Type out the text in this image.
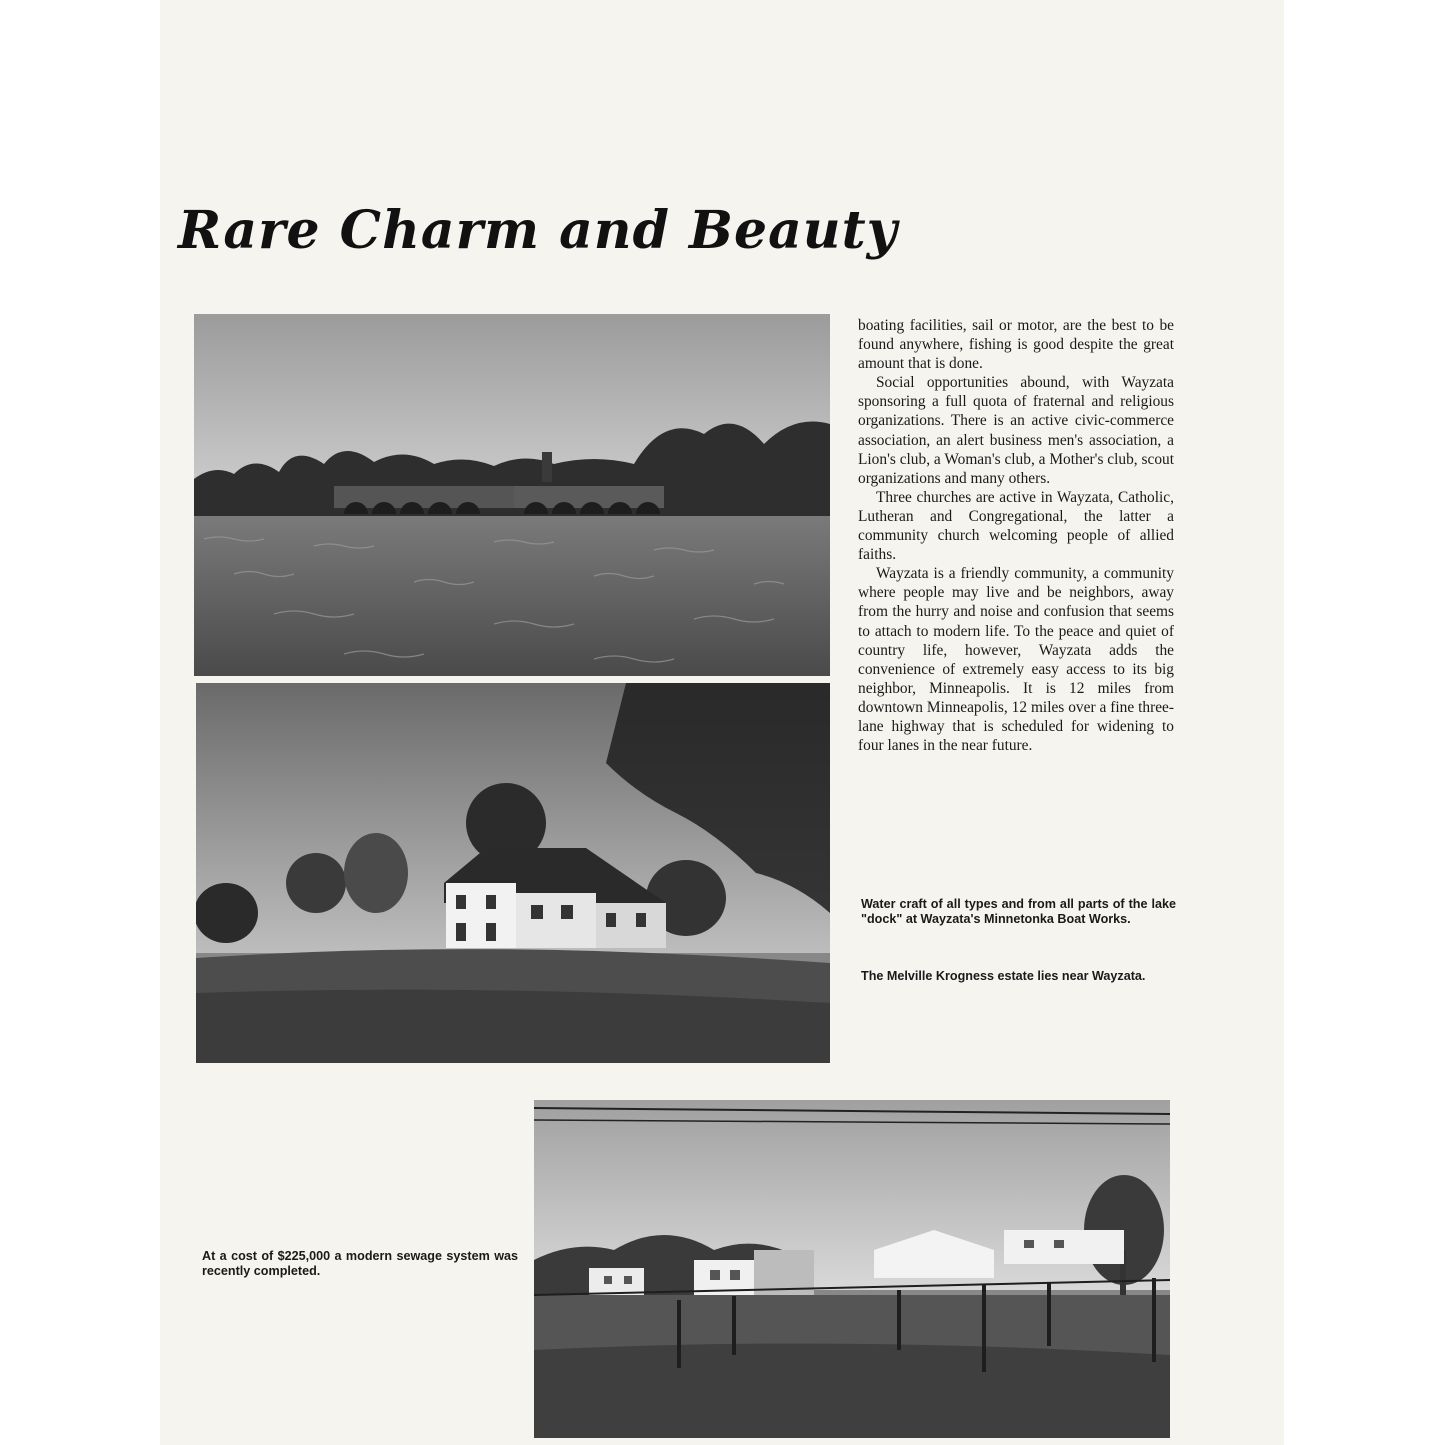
Rare Charm and Beauty

boating facilities, sail or motor, are the best to be found anywhere, fishing is good despite the great amount that is done.

Social opportunities abound, with Wayzata sponsoring a full quota of fraternal and religious organizations. There is an active civic-commerce association, an alert business men's association, a Lion's club, a Woman's club, a Mother's club, scout organizations and many others.

Three churches are active in Wayzata, Catholic, Lutheran and Congregational, the latter a community church welcoming people of allied faiths.

Wayzata is a friendly community, a community where people may live and be neighbors, away from the hurry and noise and confusion that seems to attach to modern life. To the peace and quiet of country life, however, Wayzata adds the convenience of extremely easy access to its big neighbor, Minneapolis. It is 12 miles from downtown Minneapolis, 12 miles over a fine three-lane highway that is scheduled for widening to four lanes in the near future.

Water craft of all types and from all parts of the lake "dock" at Wayzata's Minnetonka Boat Works.
The Melville Krogness estate lies near Wayzata.
At a cost of $225,000 a modern sewage system was recently completed.
